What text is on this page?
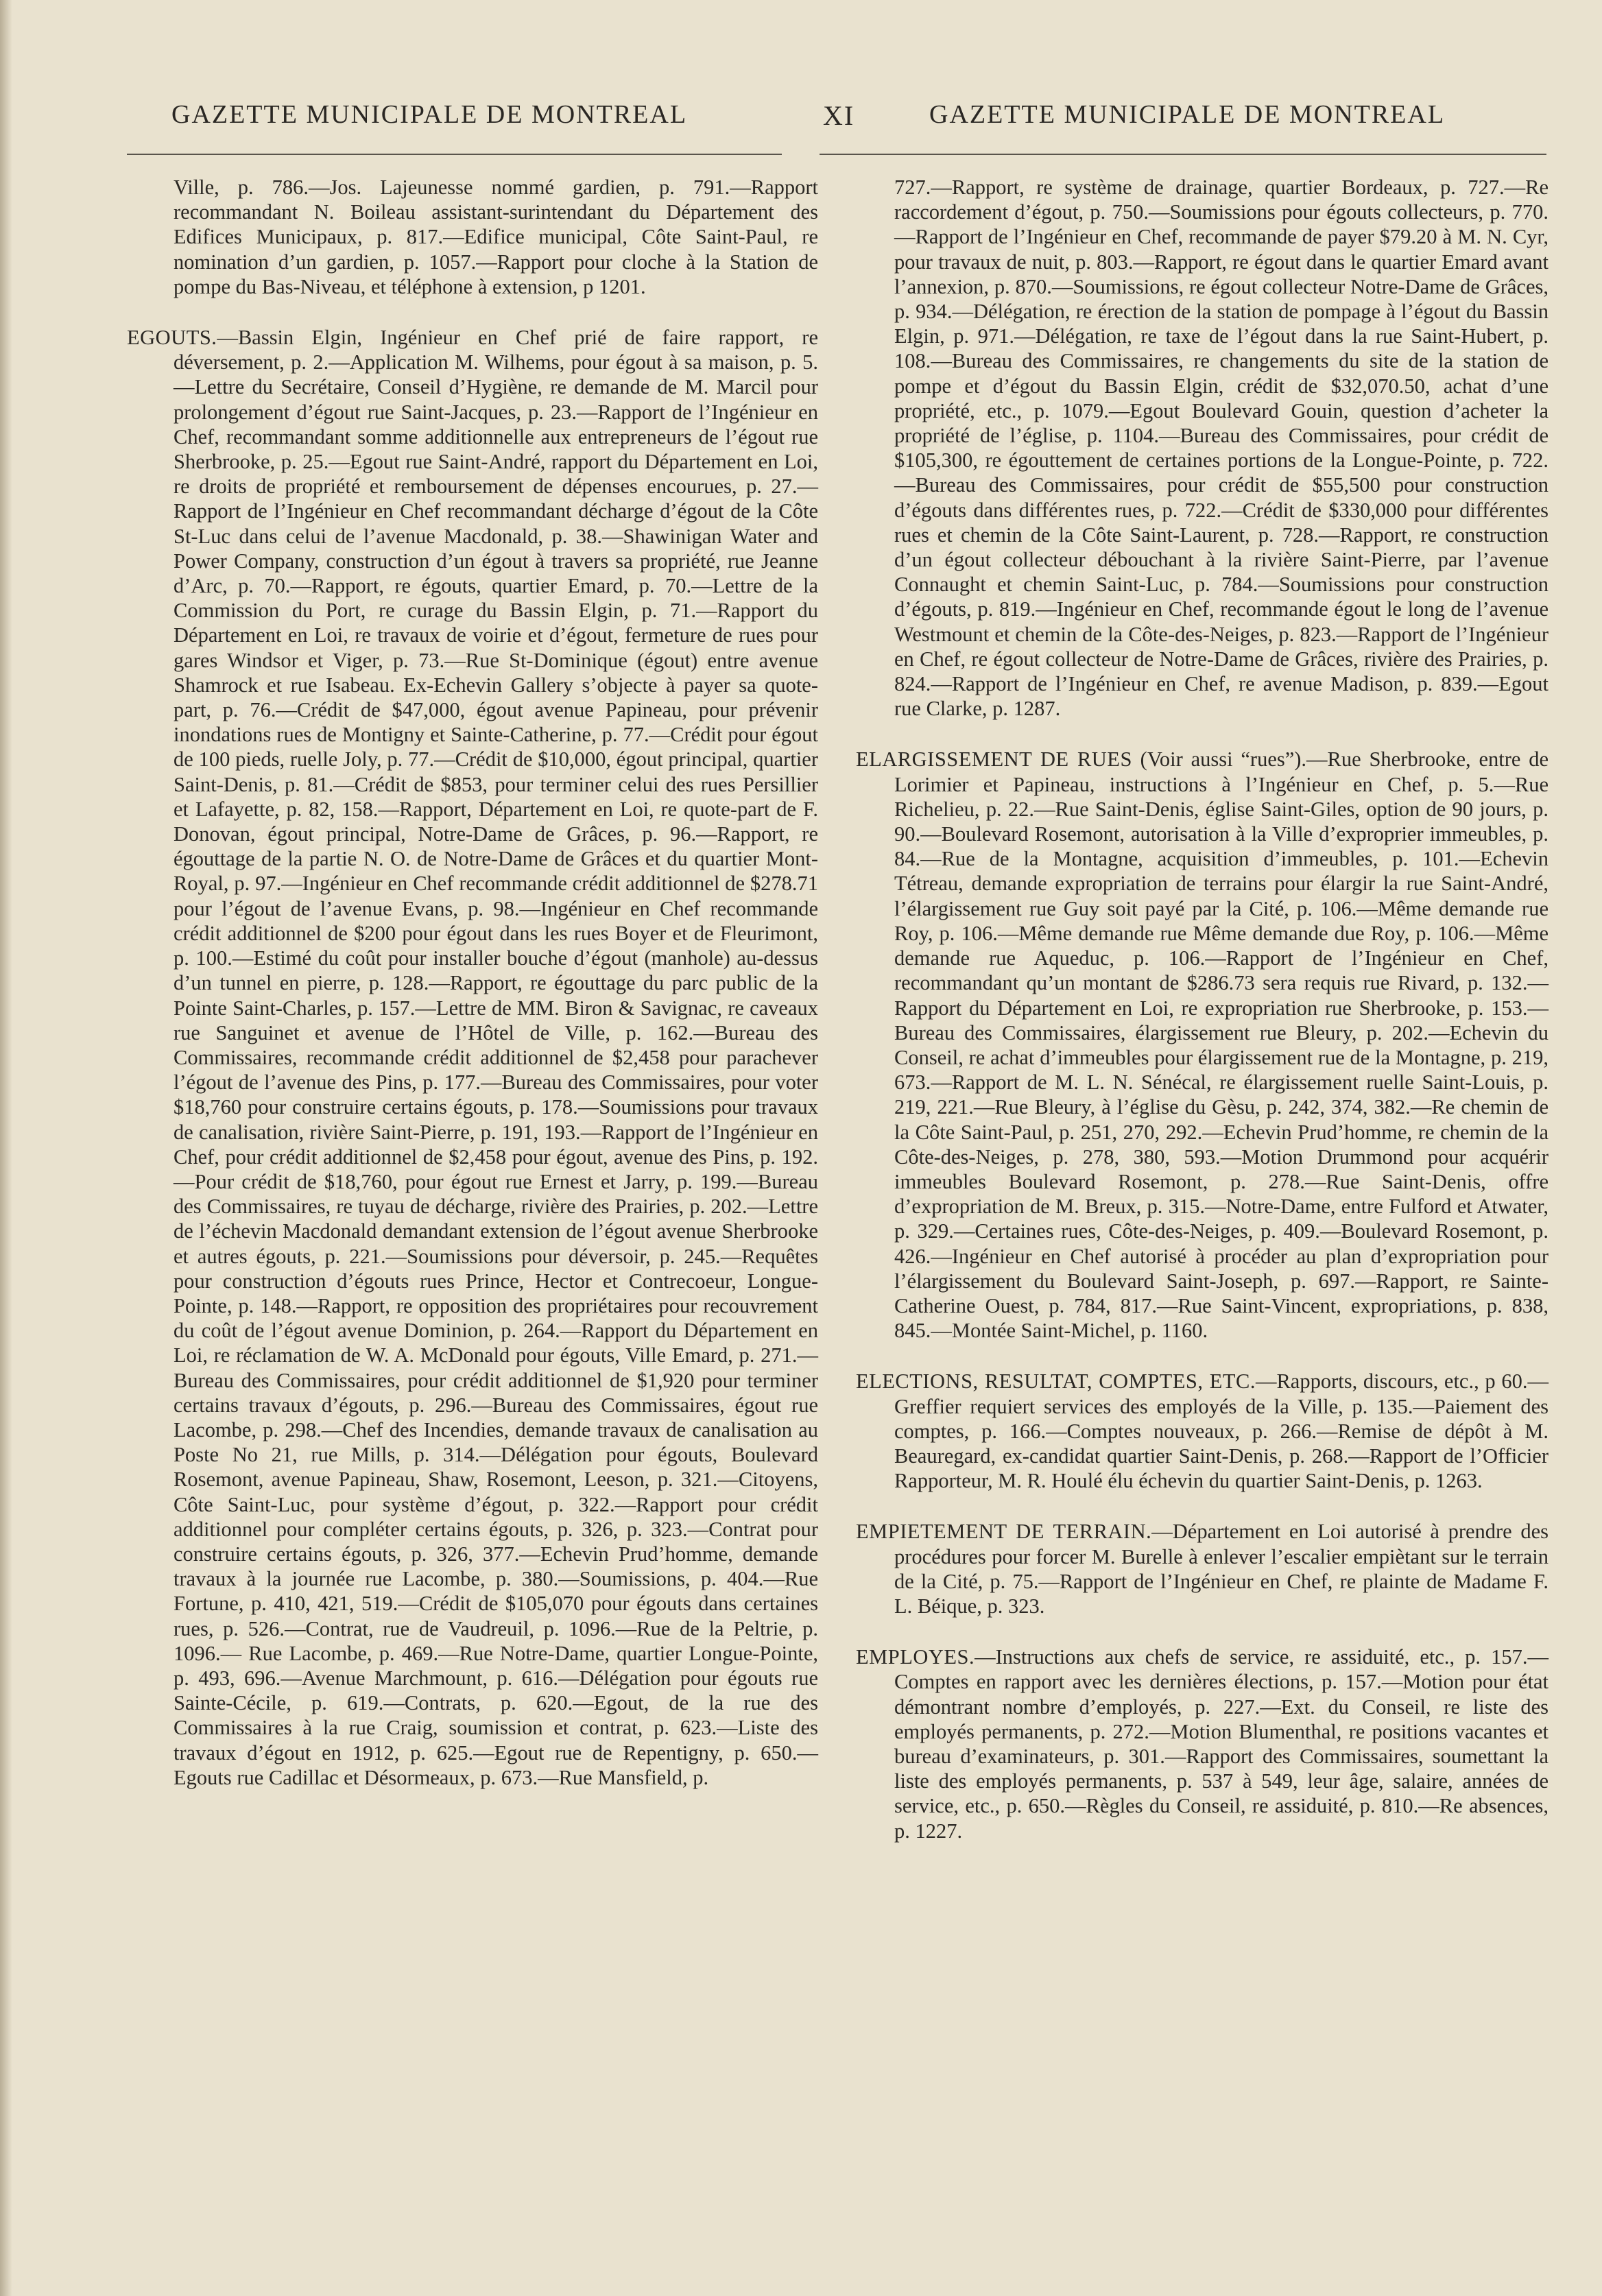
GAZETTE MUNICIPALE DE MONTREAL	XI	GAZETTE MUNICIPALE DE MONTREAL

Ville, p. 786.—Jos. Lajeunesse nommé gardien, p. 791.—Rapport recommandant N. Boileau assistant-surintendant du Département des Edifices Municipaux, p. 817.—Edifice municipal, Côte Saint-Paul, re nomination d’un gardien, p. 1057.—Rapport pour cloche à la Station de pompe du Bas-Niveau, et téléphone à extension, p 1201.

EGOUTS.—Bassin Elgin, Ingénieur en Chef prié de faire rapport, re déversement, p. 2.—Application M. Wilhems, pour égout à sa maison, p. 5.—Lettre du Secrétaire, Conseil d’Hygiène, re demande de M. Marcil pour prolongement d’égout rue Saint-Jacques, p. 23.—Rapport de l’Ingénieur en Chef, recommandant somme additionnelle aux entrepreneurs de l’égout rue Sherbrooke, p. 25.—Egout rue Saint-André, rapport du Département en Loi, re droits de propriété et remboursement de dépenses encourues, p. 27.—Rapport de l’Ingénieur en Chef recommandant décharge d’égout de la Côte St-Luc dans celui de l’avenue Macdonald, p. 38.—Shawinigan Water and Power Company, construction d’un égout à travers sa propriété, rue Jeanne d’Arc, p. 70.—Rapport, re égouts, quartier Emard, p. 70.—Lettre de la Commission du Port, re curage du Bassin Elgin, p. 71.—Rapport du Département en Loi, re travaux de voirie et d’égout, fermeture de rues pour gares Windsor et Viger, p. 73.—Rue St-Dominique (égout) entre avenue Shamrock et rue Isabeau. Ex-Echevin Gallery s’objecte à payer sa quote-part, p. 76.—Crédit de $47,000, égout avenue Papineau, pour prévenir inondations rues de Montigny et Sainte-Catherine, p. 77.—Crédit pour égout de 100 pieds, ruelle Joly, p. 77.—Crédit de $10,000, égout principal, quartier Saint-Denis, p. 81.—Crédit de $853, pour terminer celui des rues Persillier et Lafayette, p. 82, 158.—Rapport, Département en Loi, re quote-part de F. Donovan, égout principal, Notre-Dame de Grâces, p. 96.—Rapport, re égouttage de la partie N. O. de Notre-Dame de Grâces et du quartier Mont-Royal, p. 97.—Ingénieur en Chef recommande crédit additionnel de $278.71 pour l’égout de l’avenue Evans, p. 98.—Ingénieur en Chef recommande crédit additionnel de $200 pour égout dans les rues Boyer et de Fleurimont, p. 100.—Estimé du coût pour installer bouche d’égout (manhole) au-dessus d’un tunnel en pierre, p. 128.—Rapport, re égouttage du parc public de la Pointe Saint-Charles, p. 157.—Lettre de MM. Biron & Savignac, re caveaux rue Sanguinet et avenue de l’Hôtel de Ville, p. 162.—Bureau des Commissaires, recommande crédit additionnel de $2,458 pour parachever l’égout de l’avenue des Pins, p. 177.—Bureau des Commissaires, pour voter $18,760 pour construire certains égouts, p. 178.—Soumissions pour travaux de canalisation, rivière Saint-Pierre, p. 191, 193.—Rapport de l’Ingénieur en Chef, pour crédit additionnel de $2,458 pour égout, avenue des Pins, p. 192.—Pour crédit de $18,760, pour égout rue Ernest et Jarry, p. 199.—Bureau des Commissaires, re tuyau de décharge, rivière des Prairies, p. 202.—Lettre de l’échevin Macdonald demandant extension de l’égout avenue Sherbrooke et autres égouts, p. 221.—Soumissions pour déversoir, p. 245.—Requêtes pour construction d’égouts rues Prince, Hector et Contrecoeur, Longue-Pointe, p. 148.—Rapport, re opposition des propriétaires pour recouvrement du coût de l’égout avenue Dominion, p. 264.—Rapport du Département en Loi, re réclamation de W. A. McDonald pour égouts, Ville Emard, p. 271.—Bureau des Commissaires, pour crédit additionnel de $1,920 pour terminer certains travaux d’égouts, p. 296.—Bureau des Commissaires, égout rue Lacombe, p. 298.—Chef des Incendies, demande travaux de canalisation au Poste No 21, rue Mills, p. 314.—Délégation pour égouts, Boulevard Rosemont, avenue Papineau, Shaw, Rosemont, Leeson, p. 321.—Citoyens, Côte Saint-Luc, pour système d’égout, p. 322.—Rapport pour crédit additionnel pour compléter certains égouts, p. 326, p. 323.—Contrat pour construire certains égouts, p. 326, 377.—Echevin Prud’homme, demande travaux à la journée rue Lacombe, p. 380.—Soumissions, p. 404.—Rue Fortune, p. 410, 421, 519.—Crédit de $105,070 pour égouts dans certaines rues, p. 526.—Contrat, rue de Vaudreuil, p. 1096.—Rue de la Peltrie, p. 1096.— Rue Lacombe, p. 469.—Rue Notre-Dame, quartier Longue-Pointe, p. 493, 696.—Avenue Marchmount, p. 616.—Délégation pour égouts rue Sainte-Cécile, p. 619.—Contrats, p. 620.—Egout, de la rue des Commissaires à la rue Craig, soumission et contrat, p. 623.—Liste des travaux d’égout en 1912, p. 625.—Egout rue de Repentigny, p. 650.—Egouts rue Cadillac et Désormeaux, p. 673.—Rue Mansfield, p.

727.—Rapport, re système de drainage, quartier Bordeaux, p. 727.—Re raccordement d’égout, p. 750.—Soumissions pour égouts collecteurs, p. 770.—Rapport de l’Ingénieur en Chef, recommande de payer $79.20 à M. N. Cyr, pour travaux de nuit, p. 803.—Rapport, re égout dans le quartier Emard avant l’annexion, p. 870.—Soumissions, re égout collecteur Notre-Dame de Grâces, p. 934.—Délégation, re érection de la station de pompage à l’égout du Bassin Elgin, p. 971.—Délégation, re taxe de l’égout dans la rue Saint-Hubert, p. 108.—Bureau des Commissaires, re changements du site de la station de pompe et d’égout du Bassin Elgin, crédit de $32,070.50, achat d’une propriété, etc., p. 1079.—Egout Boulevard Gouin, question d’acheter la propriété de l’église, p. 1104.—Bureau des Commissaires, pour crédit de $105,300, re égouttement de certaines portions de la Longue-Pointe, p. 722.—Bureau des Commissaires, pour crédit de $55,500 pour construction d’égouts dans différentes rues, p. 722.—Crédit de $330,000 pour différentes rues et chemin de la Côte Saint-Laurent, p. 728.—Rapport, re construction d’un égout collecteur débouchant à la rivière Saint-Pierre, par l’avenue Connaught et chemin Saint-Luc, p. 784.—Soumissions pour construction d’égouts, p. 819.—Ingénieur en Chef, recommande égout le long de l’avenue Westmount et chemin de la Côte-des-Neiges, p. 823.—Rapport de l’Ingénieur en Chef, re égout collecteur de Notre-Dame de Grâces, rivière des Prairies, p. 824.—Rapport de l’Ingénieur en Chef, re avenue Madison, p. 839.—Egout rue Clarke, p. 1287.

ELARGISSEMENT DE RUES (Voir aussi “rues”).—Rue Sherbrooke, entre de Lorimier et Papineau, instructions à l’Ingénieur en Chef, p. 5.—Rue Richelieu, p. 22.—Rue Saint-Denis, église Saint-Giles, option de 90 jours, p. 90.—Boulevard Rosemont, autorisation à la Ville d’exproprier immeubles, p. 84.—Rue de la Montagne, acquisition d’immeubles, p. 101.—Echevin Tétreau, demande expropriation de terrains pour élargir la rue Saint-André, l’élargissement rue Guy soit payé par la Cité, p. 106.—Même demande rue Roy, p. 106.—Même demande rue Même demande due Roy, p. 106.—Même demande rue Aqueduc, p. 106.—Rapport de l’Ingénieur en Chef, recommandant qu’un montant de $286.73 sera requis rue Rivard, p. 132.—Rapport du Département en Loi, re expropriation rue Sherbrooke, p. 153.—Bureau des Commissaires, élargissement rue Bleury, p. 202.—Echevin du Conseil, re achat d’immeubles pour élargissement rue de la Montagne, p. 219, 673.—Rapport de M. L. N. Sénécal, re élargissement ruelle Saint-Louis, p. 219, 221.—Rue Bleury, à l’église du Gèsu, p. 242, 374, 382.—Re chemin de la Côte Saint-Paul, p. 251, 270, 292.—Echevin Prud’homme, re chemin de la Côte-des-Neiges, p. 278, 380, 593.—Motion Drummond pour acquérir immeubles Boulevard Rosemont, p. 278.—Rue Saint-Denis, offre d’expropriation de M. Breux, p. 315.—Notre-Dame, entre Fulford et Atwater, p. 329.—Certaines rues, Côte-des-Neiges, p. 409.—Boulevard Rosemont, p. 426.—Ingénieur en Chef autorisé à procéder au plan d’expropriation pour l’élargissement du Boulevard Saint-Joseph, p. 697.—Rapport, re Sainte-Catherine Ouest, p. 784, 817.—Rue Saint-Vincent, expropriations, p. 838, 845.—Montée Saint-Michel, p. 1160.

ELECTIONS, RESULTAT, COMPTES, ETC.—Rapports, discours, etc., p 60.—Greffier requiert services des employés de la Ville, p. 135.—Paiement des comptes, p. 166.—Comptes nouveaux, p. 266.—Remise de dépôt à M. Beauregard, ex-candidat quartier Saint-Denis, p. 268.—Rapport de l’Officier Rapporteur, M. R. Houlé élu échevin du quartier Saint-Denis, p. 1263.

EMPIETEMENT DE TERRAIN.—Département en Loi autorisé à prendre des procédures pour forcer M. Burelle à enlever l’escalier empiètant sur le terrain de la Cité, p. 75.—Rapport de l’Ingénieur en Chef, re plainte de Madame F. L. Béique, p. 323.

EMPLOYES.—Instructions aux chefs de service, re assiduité, etc., p. 157.—Comptes en rapport avec les dernières élections, p. 157.—Motion pour état démontrant nombre d’employés, p. 227.—Ext. du Conseil, re liste des employés permanents, p. 272.—Motion Blumenthal, re positions vacantes et bureau d’examinateurs, p. 301.—Rapport des Commissaires, soumettant la liste des employés permanents, p. 537 à 549, leur âge, salaire, années de service, etc., p. 650.—Règles du Conseil, re assiduité, p. 810.—Re absences, p. 1227.
